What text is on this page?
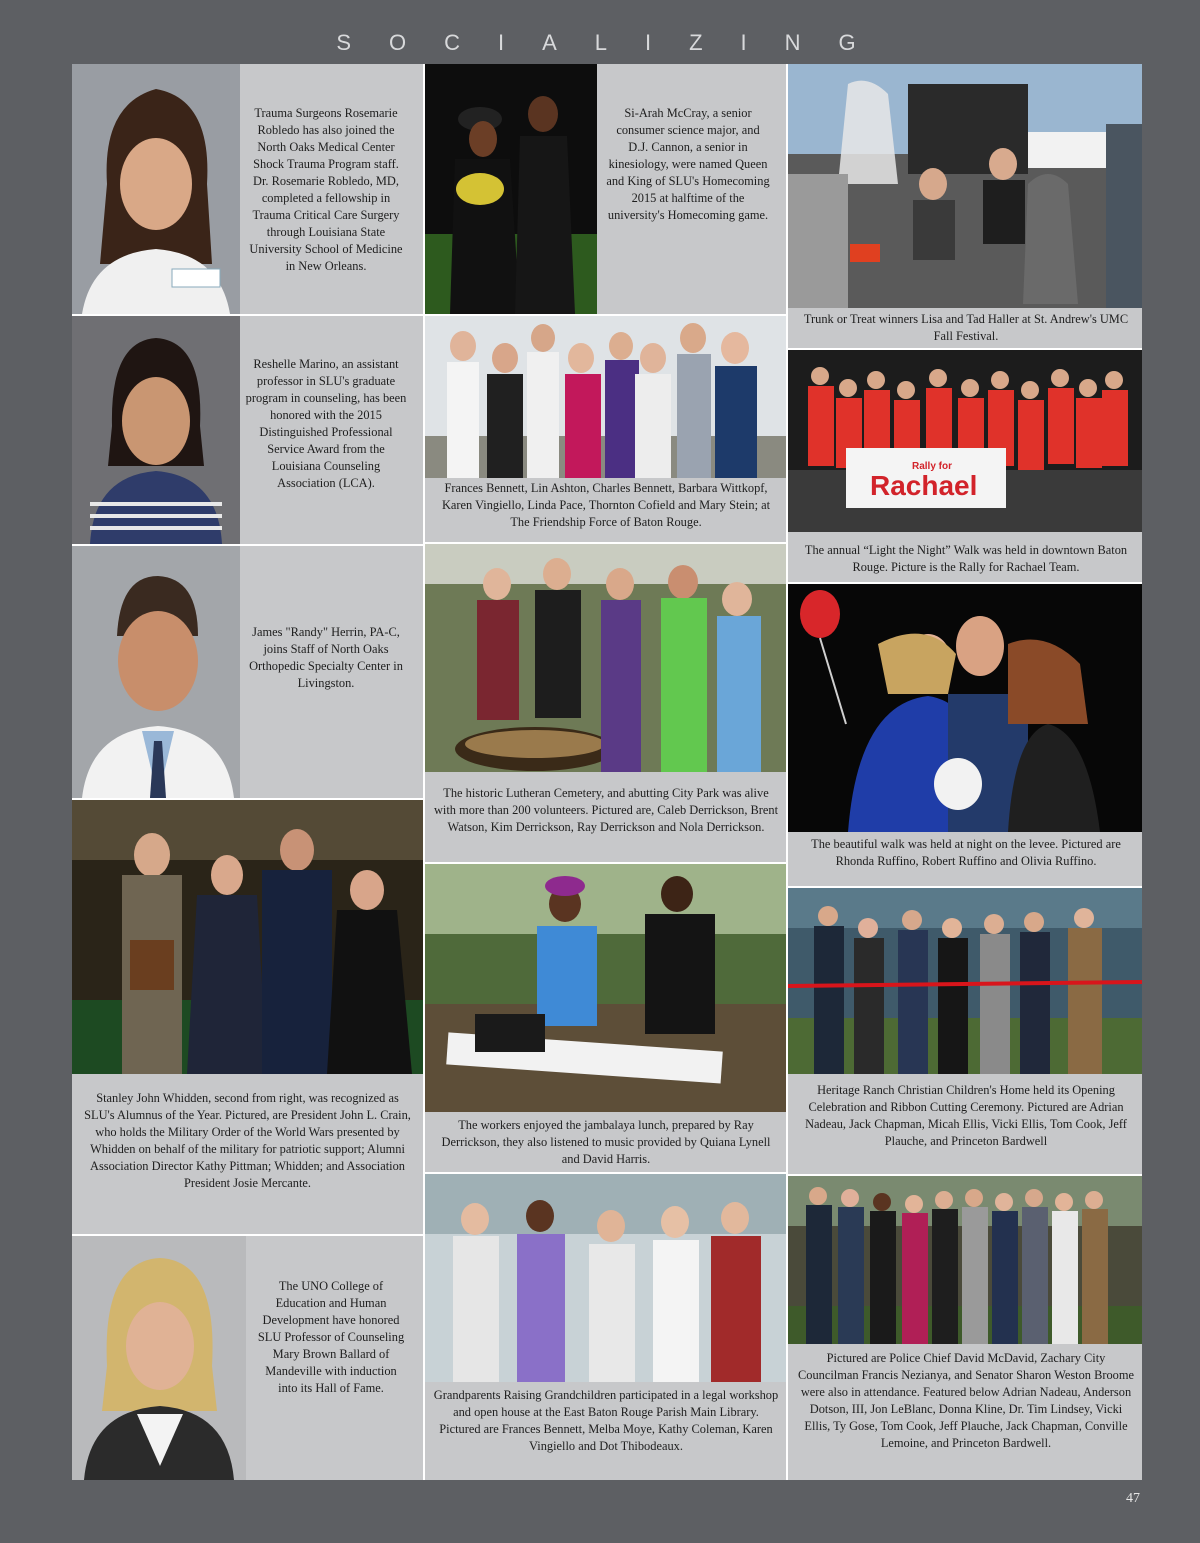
SOCIALIZING
Trauma Surgeons Rosemarie Robledo has also joined the North Oaks Medical Center Shock Trauma Program staff. Dr. Rosemarie Robledo, MD, completed a fellowship in Trauma Critical Care Surgery through Louisiana State University School of Medicine in New Orleans.
Reshelle Marino, an assistant professor in SLU's graduate program in counseling, has been honored with the 2015 Distinguished Professional Service Award from the Louisiana Counseling Association (LCA).
James "Randy" Herrin, PA-C, joins Staff of North Oaks Orthopedic Specialty Center in Livingston.
Stanley John Whidden, second from right, was recognized as SLU's Alumnus of the Year. Pictured, are President John L. Crain, who holds the Military Order of the World Wars presented by Whidden on behalf of the military for patriotic support; Alumni Association Director Kathy Pittman; Whidden; and Association President Josie Mercante.
The UNO College of Education and Human Development have honored SLU Professor of Counseling Mary Brown Ballard of Mandeville with induction into its Hall of Fame.
Si-Arah McCray, a senior consumer science major, and D.J. Cannon, a senior in kinesiology, were named Queen and King of SLU's Homecoming 2015 at halftime of the university's Homecoming game.
Frances Bennett, Lin Ashton, Charles Bennett, Barbara Wittkopf, Karen Vingiello, Linda Pace, Thornton Cofield and Mary Stein; at The Friendship Force of Baton Rouge.
The historic Lutheran Cemetery, and abutting City Park was alive with more than 200 volunteers. Pictured are, Caleb Derrickson, Brent Watson, Kim Derrickson, Ray Derrickson and Nola Derrickson.
The workers enjoyed the jambalaya lunch, prepared by Ray Derrickson, they also listened to music provided by Quiana Lynell and David Harris.
Grandparents Raising Grandchildren participated in a legal workshop and open house at the East Baton Rouge Parish Main Library. Pictured are Frances Bennett, Melba Moye, Kathy Coleman, Karen Vingiello and Dot Thibodeaux.
Trunk or Treat winners Lisa and Tad Haller at St. Andrew's UMC Fall Festival.
Rally for
Rachael
The annual “Light the Night” Walk was held in downtown Baton Rouge. Picture is the Rally for Rachael Team.
The beautiful walk was held at night on the levee. Pictured are Rhonda Ruffino, Robert Ruffino and Olivia Ruffino.
Heritage Ranch Christian Children's Home held its Opening Celebration and Ribbon Cutting Ceremony. Pictured are Adrian Nadeau, Jack Chapman, Micah Ellis, Vicki Ellis, Tom Cook, Jeff Plauche, and Princeton Bardwell
Pictured are Police Chief David McDavid, Zachary City Councilman Francis Nezianya, and Senator Sharon Weston Broome were also in attendance. Featured below Adrian Nadeau, Anderson Dotson, III, Jon LeBlanc, Donna Kline, Dr. Tim Lindsey, Vicki Ellis, Ty Gose, Tom Cook, Jeff Plauche, Jack Chapman, Conville Lemoine, and Princeton Bardwell.
47
